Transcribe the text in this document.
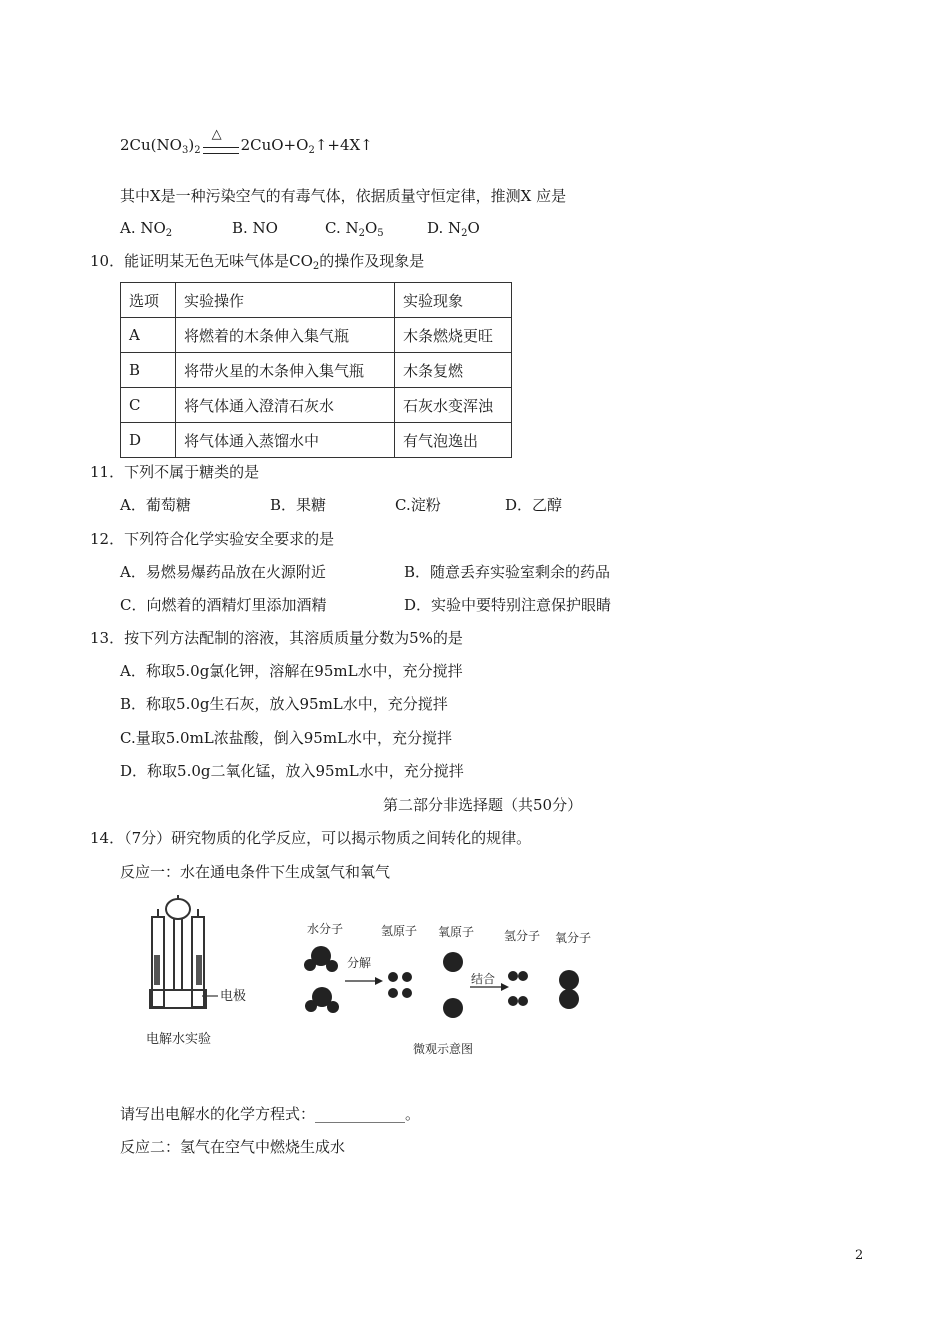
$2Cu(NO_3)_2$
△
$2CuO+O_2↑+4X↑$
其中X是一种污染空气的有毒气体，依据质量守恒定律，推测X 应是
A. $NO_2$	B. NO	C. $N_2O_5$	D. $N_2O$
10．能证明某无色无味气体是$CO_2$的操作及现象是
选项	实验操作	实验现象
A	将燃着的木条伸入集气瓶	木条燃烧更旺
B	将带火星的木条伸入集气瓶	木条复燃
C	将气体通入澄清石灰水	石灰水变浑浊
D	将气体通入蒸馏水中	有气泡逸出
11．下列不属于糖类的是
A．葡萄糖	B．果糖	C.淀粉	D．乙醇
12．下列符合化学实验安全要求的是
A．易燃易爆药品放在火源附近	B．随意丢弃实验室剩余的药品
C．向燃着的酒精灯里添加酒精	D．实验中要特别注意保护眼睛
13．按下列方法配制的溶液，其溶质质量分数为5%的是
A．称取5.0g氯化钾，溶解在95mL水中，充分搅拌
B．称取5.0g生石灰，放入95mL水中，充分搅拌
C.量取5.0mL浓盐酸，倒入95mL水中，充分搅拌
D．称取5.0g二氧化锰，放入95mL水中，充分搅拌
第二部分非选择题（共50分）
14．（7分）研究物质的化学反应，可以揭示物质之间转化的规律。
反应一：水在通电条件下生成氢气和氧气
电极
电解水实验
水分子	氢原子 氧原子 氢分子 氧分子
分解
结合
微观示意图
请写出电解水的化学方程式：____________。
反应二：氢气在空气中燃烧生成水
2
